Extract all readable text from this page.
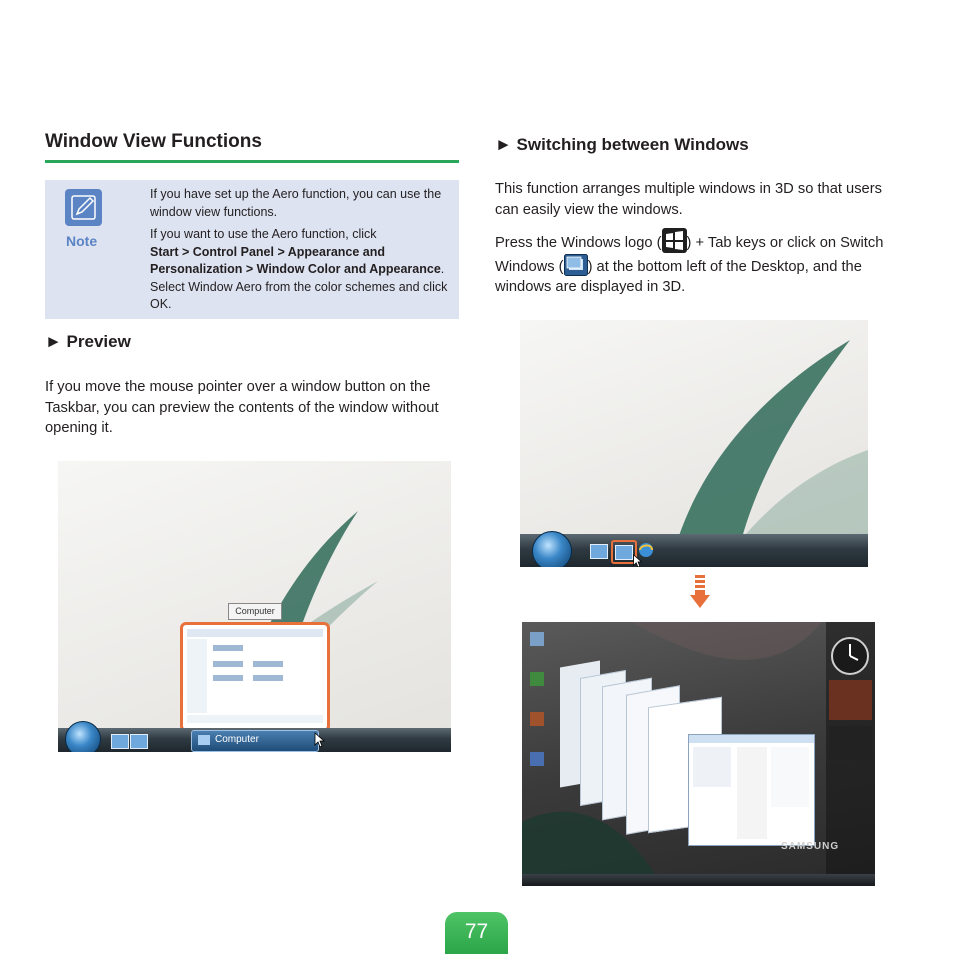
Window View Functions
Note
If you have set up the Aero function, you can use the window view functions.
If you want to use the Aero function, click
Start > Control Panel > Appearance and Personalization > Window Color and Appearance. Select Window Aero from the color schemes and click OK.
► Preview
If you move the mouse pointer over a window button on the Taskbar, you can preview the contents of the window without opening it.
Computer
Computer
► Switching between Windows
This function arranges multiple windows in 3D so that users can easily view the windows.
Press the Windows logo ( ) + Tab keys or click on Switch Windows ( ) at the bottom left of the Desktop, and the windows are displayed in 3D.
SAMSUNG
77
